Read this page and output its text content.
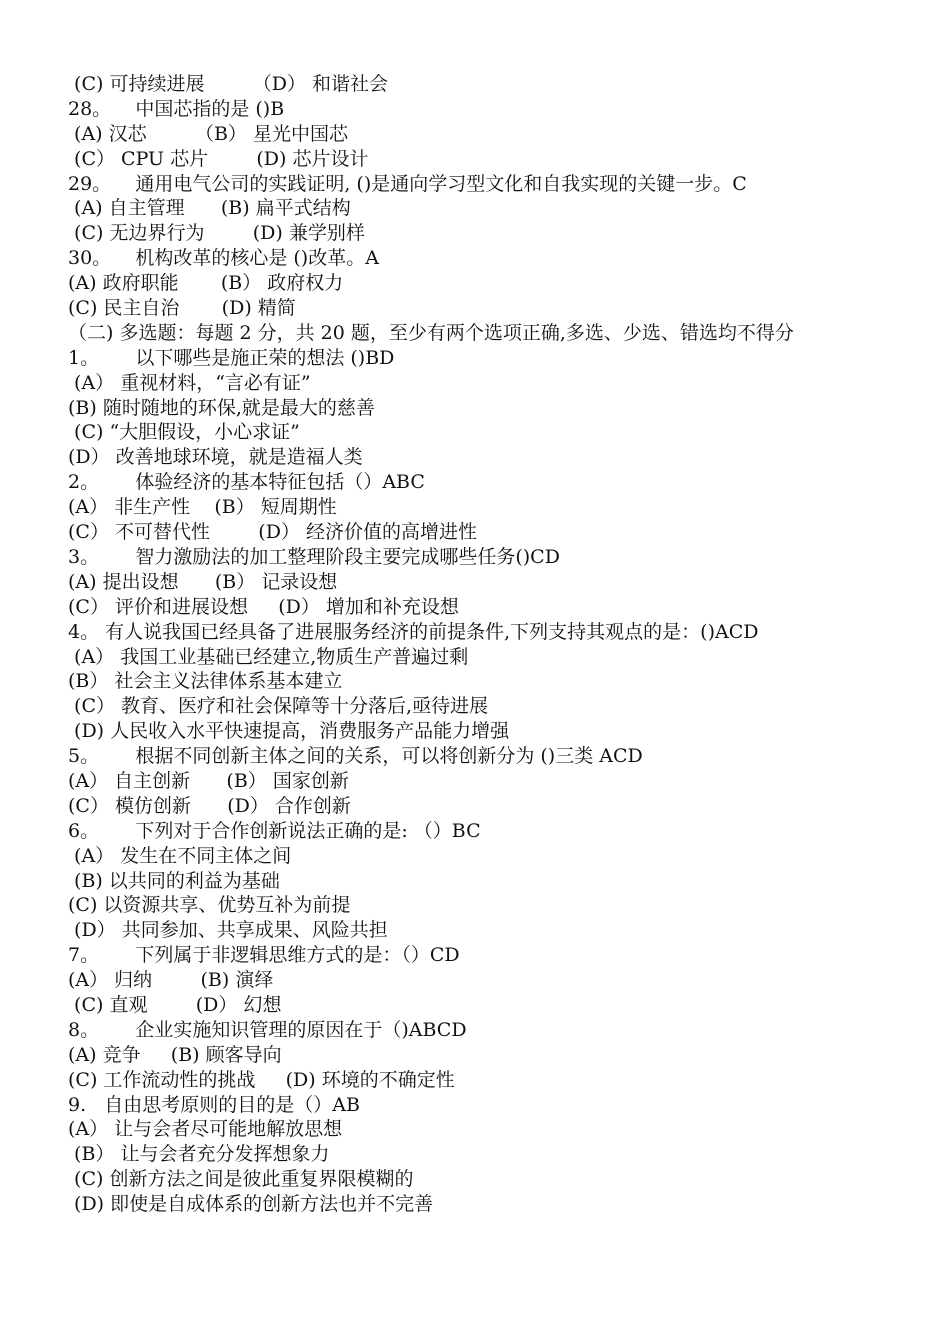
(C) 可持续进展        （D） 和谐社会
28。    中国芯指的是 ()B
(A) 汉芯        （B） 星光中国芯
(C） CPU 芯片        (D) 芯片设计
29。    通用电气公司的实践证明, ()是通向学习型文化和自我实现的关键一步。C
(A) 自主管理      (B) 扁平式结构
(C) 无边界行为        (D) 兼学别样
30。    机构改革的核心是 ()改革。A
(A) 政府职能       (B） 政府权力
(C) 民主自治       (D) 精简
（二) 多选题：每题 2 分，共 20 题，至少有两个选项正确,多选、少选、错选均不得分
1。      以下哪些是施正荣的想法 ()BD
(A） 重视材料，“言必有证”
(B) 随时随地的环保,就是最大的慈善
(C) “大胆假设，小心求证”
(D） 改善地球环境，就是造福人类
2。      体验经济的基本特征包括（）ABC
(A） 非生产性    (B） 短周期性
(C） 不可替代性        (D） 经济价值的高增进性
3。      智力激励法的加工整理阶段主要完成哪些任务()CD
(A) 提出设想      (B） 记录设想
(C） 评价和进展设想     (D） 增加和补充设想
4。 有人说我国已经具备了进展服务经济的前提条件,下列支持其观点的是：()ACD
(A） 我国工业基础已经建立,物质生产普遍过剩
(B） 社会主义法律体系基本建立
(C） 教育、医疗和社会保障等十分落后,亟待进展
(D) 人民收入水平快速提高，消费服务产品能力增强
5。      根据不同创新主体之间的关系，可以将创新分为 ()三类 ACD
(A） 自主创新      (B） 国家创新
(C） 模仿创新      (D） 合作创新
6。      下列对于合作创新说法正确的是: （）BC
(A） 发生在不同主体之间
(B) 以共同的利益为基础
(C) 以资源共享、优势互补为前提
(D） 共同参加、共享成果、风险共担
7。      下列属于非逻辑思维方式的是：（）CD
(A） 归纳        (B) 演绎
(C) 直观        (D） 幻想
8。      企业实施知识管理的原因在于（)ABCD
(A) 竞争     (B) 顾客导向
(C) 工作流动性的挑战     (D) 环境的不确定性
9.   自由思考原则的目的是（）AB
(A） 让与会者尽可能地解放思想
(B） 让与会者充分发挥想象力
(C) 创新方法之间是彼此重复界限模糊的
(D) 即使是自成体系的创新方法也并不完善
